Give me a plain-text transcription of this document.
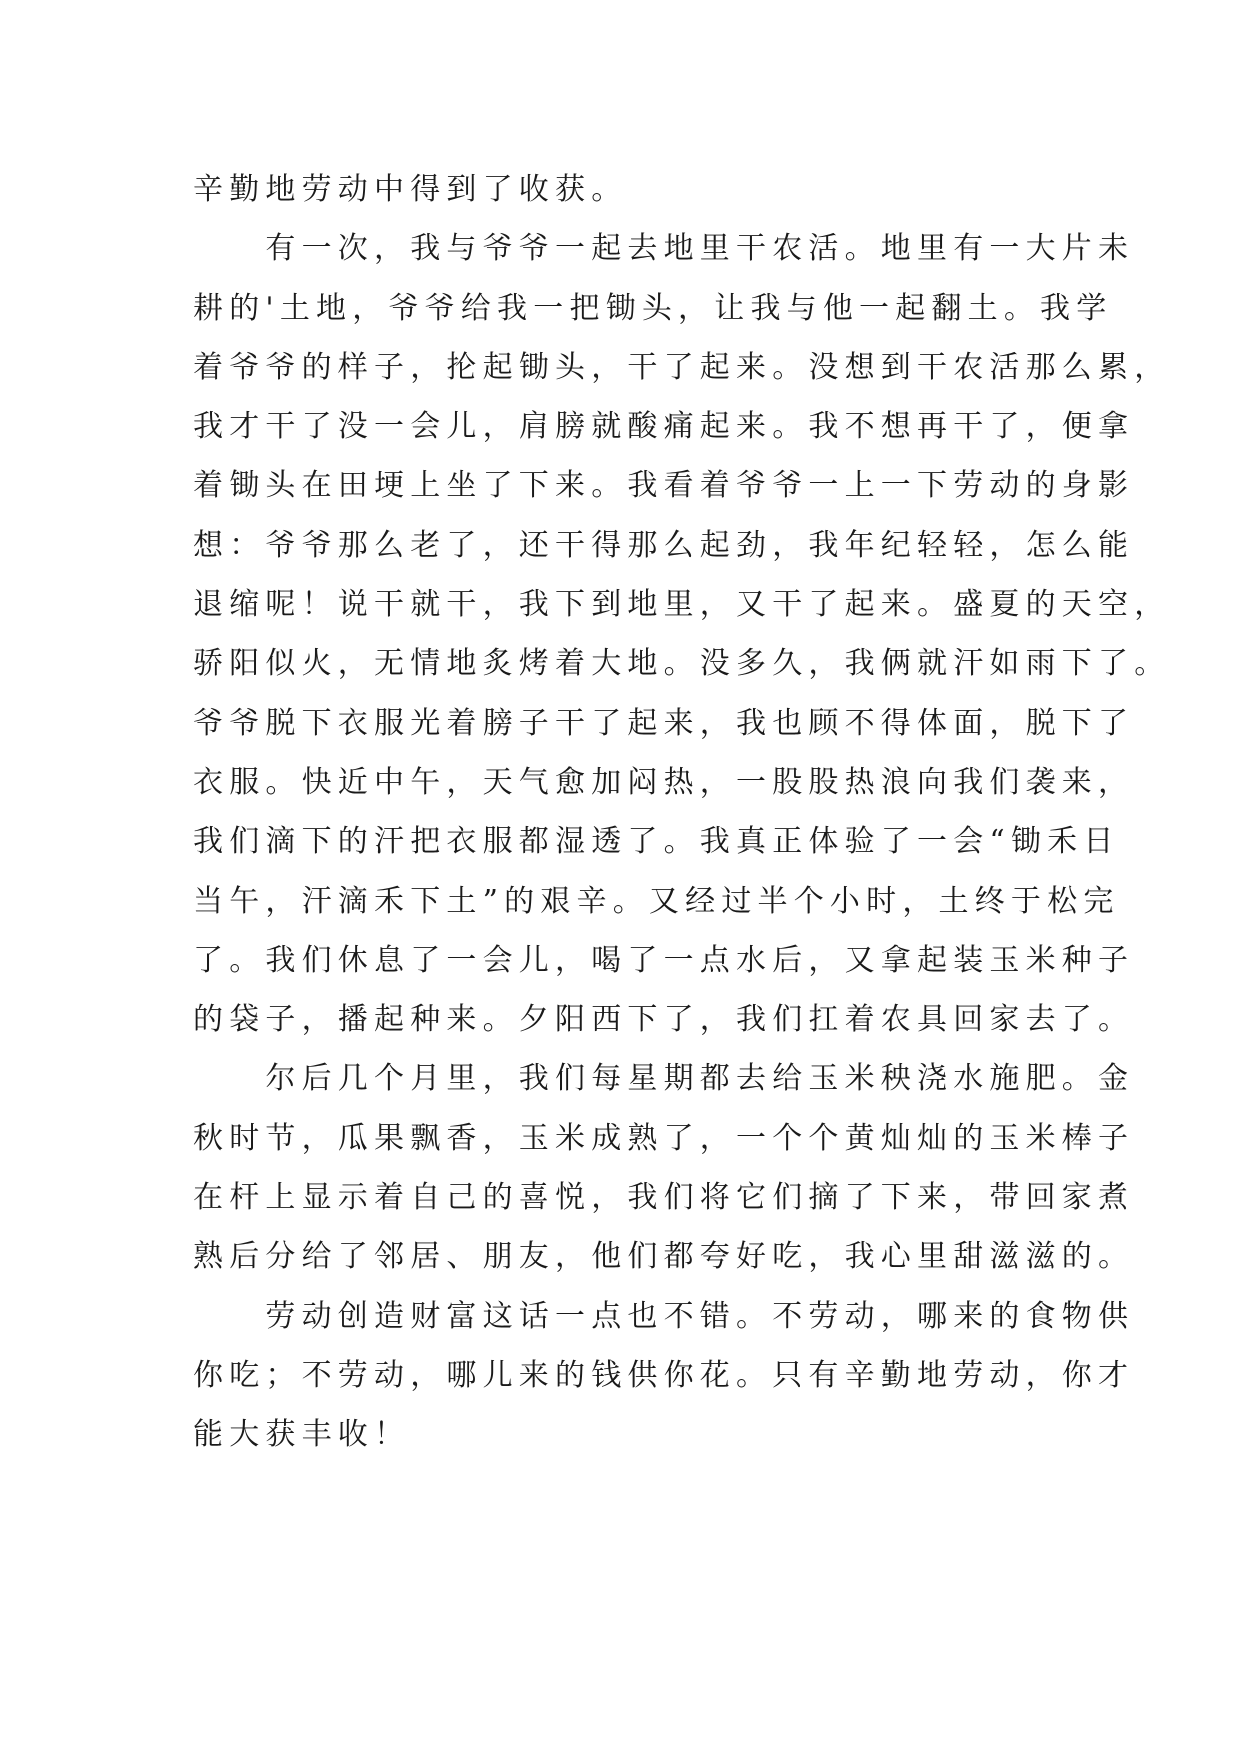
辛勤地劳动中得到了收获。
　　有一次，我与爷爷一起去地里干农活。地里有一大片未
耕的'土地，爷爷给我一把锄头，让我与他一起翻土。我学
着爷爷的样子，抡起锄头，干了起来。没想到干农活那么累，
我才干了没一会儿，肩膀就酸痛起来。我不想再干了，便拿
着锄头在田埂上坐了下来。我看着爷爷一上一下劳动的身影
想：爷爷那么老了，还干得那么起劲，我年纪轻轻，怎么能
退缩呢！说干就干，我下到地里，又干了起来。盛夏的天空，
骄阳似火，无情地炙烤着大地。没多久，我俩就汗如雨下了。
爷爷脱下衣服光着膀子干了起来，我也顾不得体面，脱下了
衣服。快近中午，天气愈加闷热，一股股热浪向我们袭来，
我们滴下的汗把衣服都湿透了。我真正体验了一会“锄禾日
当午，汗滴禾下土”的艰辛。又经过半个小时，土终于松完
了。我们休息了一会儿，喝了一点水后，又拿起装玉米种子
的袋子，播起种来。夕阳西下了，我们扛着农具回家去了。
　　尔后几个月里，我们每星期都去给玉米秧浇水施肥。金
秋时节，瓜果飘香，玉米成熟了，一个个黄灿灿的玉米棒子
在杆上显示着自己的喜悦，我们将它们摘了下来，带回家煮
熟后分给了邻居、朋友，他们都夸好吃，我心里甜滋滋的。
　　劳动创造财富这话一点也不错。不劳动，哪来的食物供
你吃；不劳动，哪儿来的钱供你花。只有辛勤地劳动，你才
能大获丰收！
